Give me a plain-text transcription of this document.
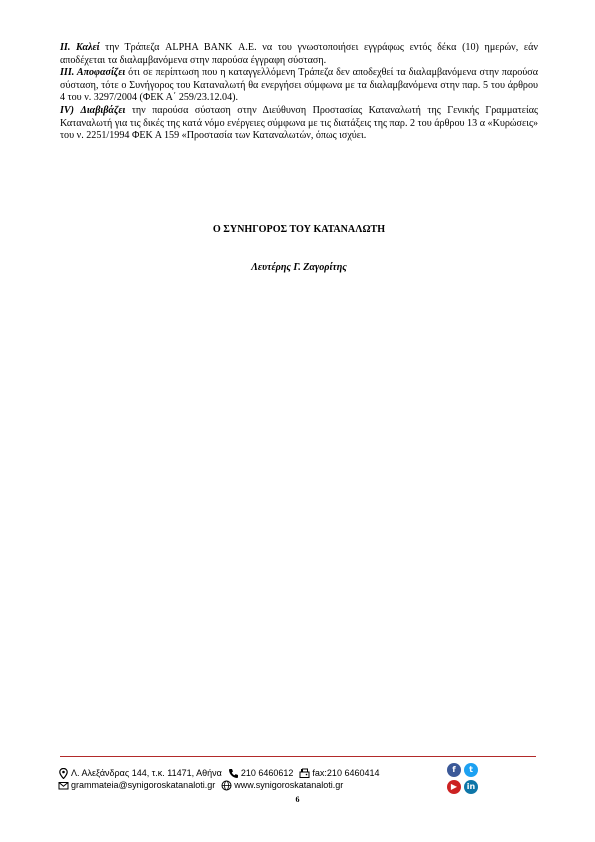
ΙΙ. Καλεί την Τράπεζα ALPHA BANK Α.Ε. να του γνωστοποιήσει εγγράφως εντός δέκα (10) ημερών, εάν αποδέχεται τα διαλαμβανόμενα στην παρούσα έγγραφη σύσταση.

ΙΙΙ. Αποφασίζει ότι σε περίπτωση που η καταγγελλόμενη Τράπεζα δεν αποδεχθεί τα διαλαμβανόμενα στην παρούσα σύσταση, τότε ο Συνήγορος του Καταναλωτή θα ενεργήσει σύμφωνα με τα διαλαμβανόμενα στην παρ. 5 του άρθρου 4 του ν. 3297/2004 (ΦΕΚ Α΄ 259/23.12.04).

IV) Διαβιβάζει την παρούσα σύσταση στην Διεύθυνση Προστασίας Καταναλωτή της Γενικής Γραμματείας Καταναλωτή για τις δικές της κατά νόμο ενέργειες σύμφωνα με τις διατάξεις της παρ. 2 του άρθρου 13 α «Κυρώσεις» του ν. 2251/1994 ΦΕΚ Α 159 «Προστασία των Καταναλωτών, όπως ισχύει.

Ο ΣΥΝΗΓΟΡΟΣ ΤΟΥ ΚΑΤΑΝΑΛΩΤΗ
Λευτέρης Γ. Ζαγορίτης
Λ. Αλεξάνδρας 144, τ.κ. 11471, Αθήνα 210 6460612 fax:210 6460414
grammateia@synigoroskatanaloti.gr www.synigoroskatanaloti.gr
f	t
▶	in
6
